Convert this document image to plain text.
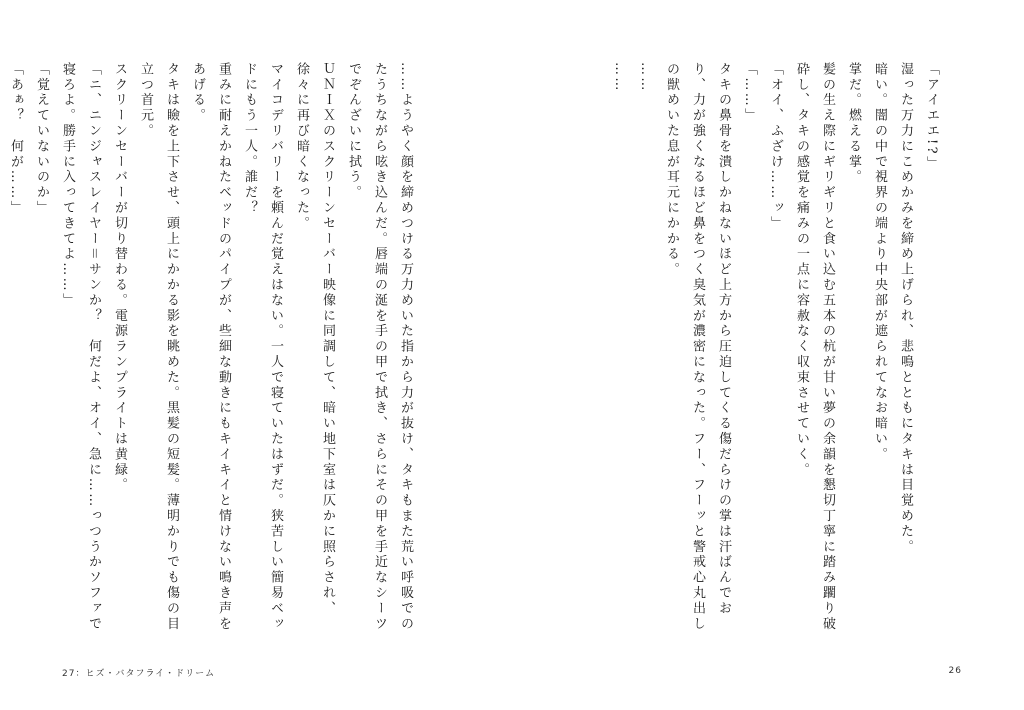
……ようやく顔を締めつける万力めいた指から力が抜け、タキもまた荒い呼吸でのたうちながら呟き込んだ。唇端の涎を手の甲で拭き、さらにその甲を手近なシーツでぞんざいに拭う。
ＵＮＩＸのスクリーンセーバー映像に同調して、暗い地下室は仄かに照らされ、徐々に再び暗くなった。
マイコデリバリーを頼んだ覚えはない。一人で寝ていたはずだ。狭苦しい簡易ベッドにもう一人。誰だ？
重みに耐えかねたベッドのパイプが、些細な動きにもキイキイと情けない鳴き声をあげる。
タキは瞼を上下させ、頭上にかかる影を眺めた。黒髪の短髪。薄明かりでも傷の目立つ首元。
スクリーンセーバーが切り替わる。電源ランプライトは黄緑。
「ニ、ニンジャスレイヤー＝サンか？　何だよ、オイ、急に……っつうかソファで寝ろよ。勝手に入ってきてよ……」
「覚えていないのか」
「あぁ？　何が……」
27：ヒズ・バタフライ・ドリーム
「アイエエ!?」
湿った万力にこめかみを締め上げられ、悲鳴とともにタキは目覚めた。
暗い。闇の中で視界の端より中央部が遮られてなお暗い。
掌だ。燃える掌。
髪の生え際にギリギリと食い込む五本の杭が甘い夢の余韻を懇切丁寧に踏み躙り破砕し、タキの感覚を痛みの一点に容赦なく収束させていく。
「オイ、ふざけ……ッ」
「……」
タキの鼻骨を潰しかねないほど上方から圧迫してくる傷だらけの掌は汗ばんでおり、力が強くなるほど鼻をつく臭気が濃密になった。フー、フーッと警戒心丸出しの獣めいた息が耳元にかかる。
……
……
26
